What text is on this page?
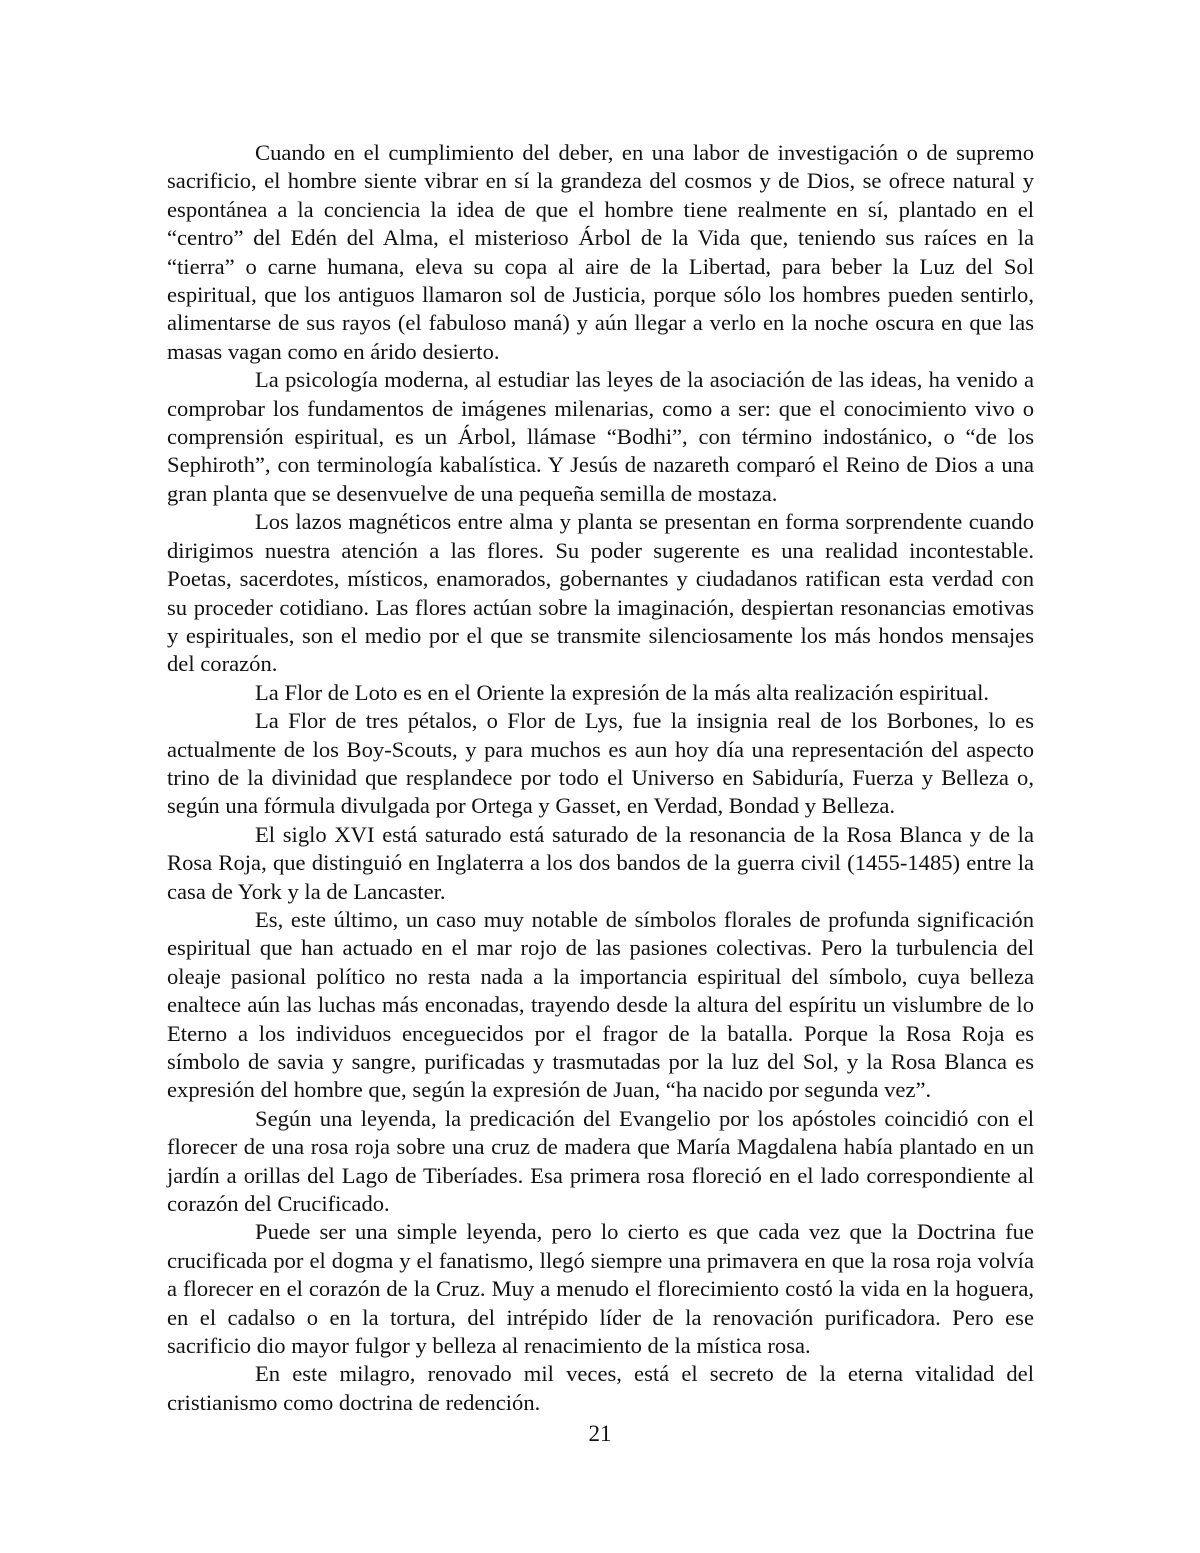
Cuando en el cumplimiento del deber, en una labor de investigación o de supremo sacrificio, el hombre siente vibrar en sí la grandeza del cosmos y de Dios, se ofrece natural y espontánea a la conciencia la idea de que el hombre tiene realmente en sí, plantado en el “centro” del Edén del Alma, el misterioso Árbol de la Vida que, teniendo sus raíces en la “tierra” o carne humana, eleva su copa al aire de la Libertad, para beber la Luz del Sol espiritual, que los antiguos llamaron sol de Justicia, porque sólo los hombres pueden sentirlo, alimentarse de sus rayos (el fabuloso maná) y aún llegar a verlo en la noche oscura en que las masas vagan como en árido desierto.

La psicología moderna, al estudiar las leyes de la asociación de las ideas, ha venido a comprobar los fundamentos de imágenes milenarias, como a ser: que el conocimiento vivo o comprensión espiritual, es un Árbol, llámase “Bodhi”, con término indostánico, o “de los Sephiroth”, con terminología kabalística. Y Jesús de nazareth comparó el Reino de Dios a una gran planta que se desenvuelve de una pequeña semilla de mostaza.

Los lazos magnéticos entre alma y planta se presentan en forma sorprendente cuando dirigimos nuestra atención a las flores. Su poder sugerente es una realidad incontestable. Poetas, sacerdotes, místicos, enamorados, gobernantes y ciudadanos ratifican esta verdad con su proceder cotidiano. Las flores actúan sobre la imaginación, despiertan resonancias emotivas y espirituales, son el medio por el que se transmite silenciosamente los más hondos mensajes del corazón.

La Flor de Loto es en el Oriente la expresión de la más alta realización espiritual.

La Flor de tres pétalos, o Flor de Lys, fue la insignia real de los Borbones, lo es actualmente de los Boy-Scouts, y para muchos es aun hoy día una representación del aspecto trino de la divinidad que resplandece por todo el Universo en Sabiduría, Fuerza y Belleza o, según una fórmula divulgada por Ortega y Gasset, en Verdad, Bondad y Belleza.

El siglo XVI está saturado está saturado de la resonancia de la Rosa Blanca y de la Rosa Roja, que distinguió en Inglaterra a los dos bandos de la guerra civil (1455-1485) entre la casa de York y la de Lancaster.

Es, este último, un caso muy notable de símbolos florales de profunda significación espiritual que han actuado en el mar rojo de las pasiones colectivas. Pero la turbulencia del oleaje pasional político no resta nada a la importancia espiritual del símbolo, cuya belleza enaltece aún las luchas más enconadas, trayendo desde la altura del espíritu un vislumbre de lo Eterno a los individuos enceguecidos por el fragor de la batalla. Porque la Rosa Roja es símbolo de savia y sangre, purificadas y trasmutadas por la luz del Sol, y la Rosa Blanca es expresión del hombre que, según la expresión de Juan, “ha nacido por segunda vez”.

Según una leyenda, la predicación del Evangelio por los apóstoles coincidió con el florecer de una rosa roja sobre una cruz de madera que María Magdalena había plantado en un jardín a orillas del Lago de Tiberíades. Esa primera rosa floreció en el lado correspondiente al corazón del Crucificado.

Puede ser una simple leyenda, pero lo cierto es que cada vez que la Doctrina fue crucificada por el dogma y el fanatismo, llegó siempre una primavera en que la rosa roja volvía a florecer en el corazón de la Cruz. Muy a menudo el florecimiento costó la vida en la hoguera, en el cadalso o en la tortura, del intrépido líder de la renovación purificadora. Pero ese sacrificio dio mayor fulgor y belleza al renacimiento de la mística rosa.

En este milagro, renovado mil veces, está el secreto de la eterna vitalidad del cristianismo como doctrina de redención.

21
